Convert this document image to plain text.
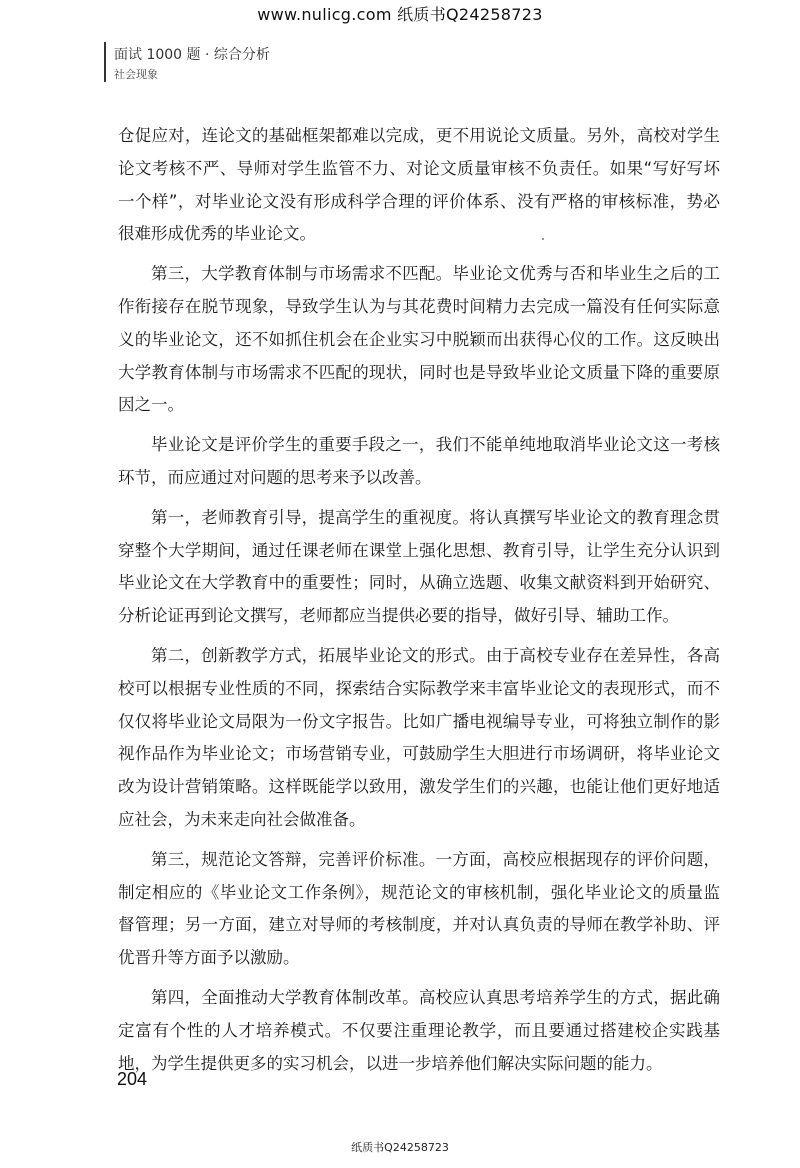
www.nulicg.com 纸质书Q24258723
面试 1000 题 · 综合分析
社会现象

仓促应对，连论文的基础框架都难以完成，更不用说论文质量。另外，高校对学生论文考核不严、导师对学生监管不力、对论文质量审核不负责任。如果“写好写坏一个样”，对毕业论文没有形成科学合理的评价体系、没有严格的审核标准，势必很难形成优秀的毕业论文。

第三，大学教育体制与市场需求不匹配。毕业论文优秀与否和毕业生之后的工作衔接存在脱节现象，导致学生认为与其花费时间精力去完成一篇没有任何实际意义的毕业论文，还不如抓住机会在企业实习中脱颖而出获得心仪的工作。这反映出大学教育体制与市场需求不匹配的现状，同时也是导致毕业论文质量下降的重要原因之一。

毕业论文是评价学生的重要手段之一，我们不能单纯地取消毕业论文这一考核环节，而应通过对问题的思考来予以改善。

第一，老师教育引导，提高学生的重视度。将认真撰写毕业论文的教育理念贯穿整个大学期间，通过任课老师在课堂上强化思想、教育引导，让学生充分认识到毕业论文在大学教育中的重要性；同时，从确立选题、收集文献资料到开始研究、分析论证再到论文撰写，老师都应当提供必要的指导，做好引导、辅助工作。

第二，创新教学方式，拓展毕业论文的形式。由于高校专业存在差异性，各高校可以根据专业性质的不同，探索结合实际教学来丰富毕业论文的表现形式，而不仅仅将毕业论文局限为一份文字报告。比如广播电视编导专业，可将独立制作的影视作品作为毕业论文；市场营销专业，可鼓励学生大胆进行市场调研，将毕业论文改为设计营销策略。这样既能学以致用，激发学生们的兴趣，也能让他们更好地适应社会，为未来走向社会做准备。

第三，规范论文答辩，完善评价标准。一方面，高校应根据现存的评价问题，制定相应的《毕业论文工作条例》，规范论文的审核机制，强化毕业论文的质量监督管理；另一方面，建立对导师的考核制度，并对认真负责的导师在教学补助、评优晋升等方面予以激励。

第四，全面推动大学教育体制改革。高校应认真思考培养学生的方式，据此确定富有个性的人才培养模式。不仅要注重理论教学，而且要通过搭建校企实践基地，为学生提供更多的实习机会，以进一步培养他们解决实际问题的能力。

204
纸质书Q24258723
